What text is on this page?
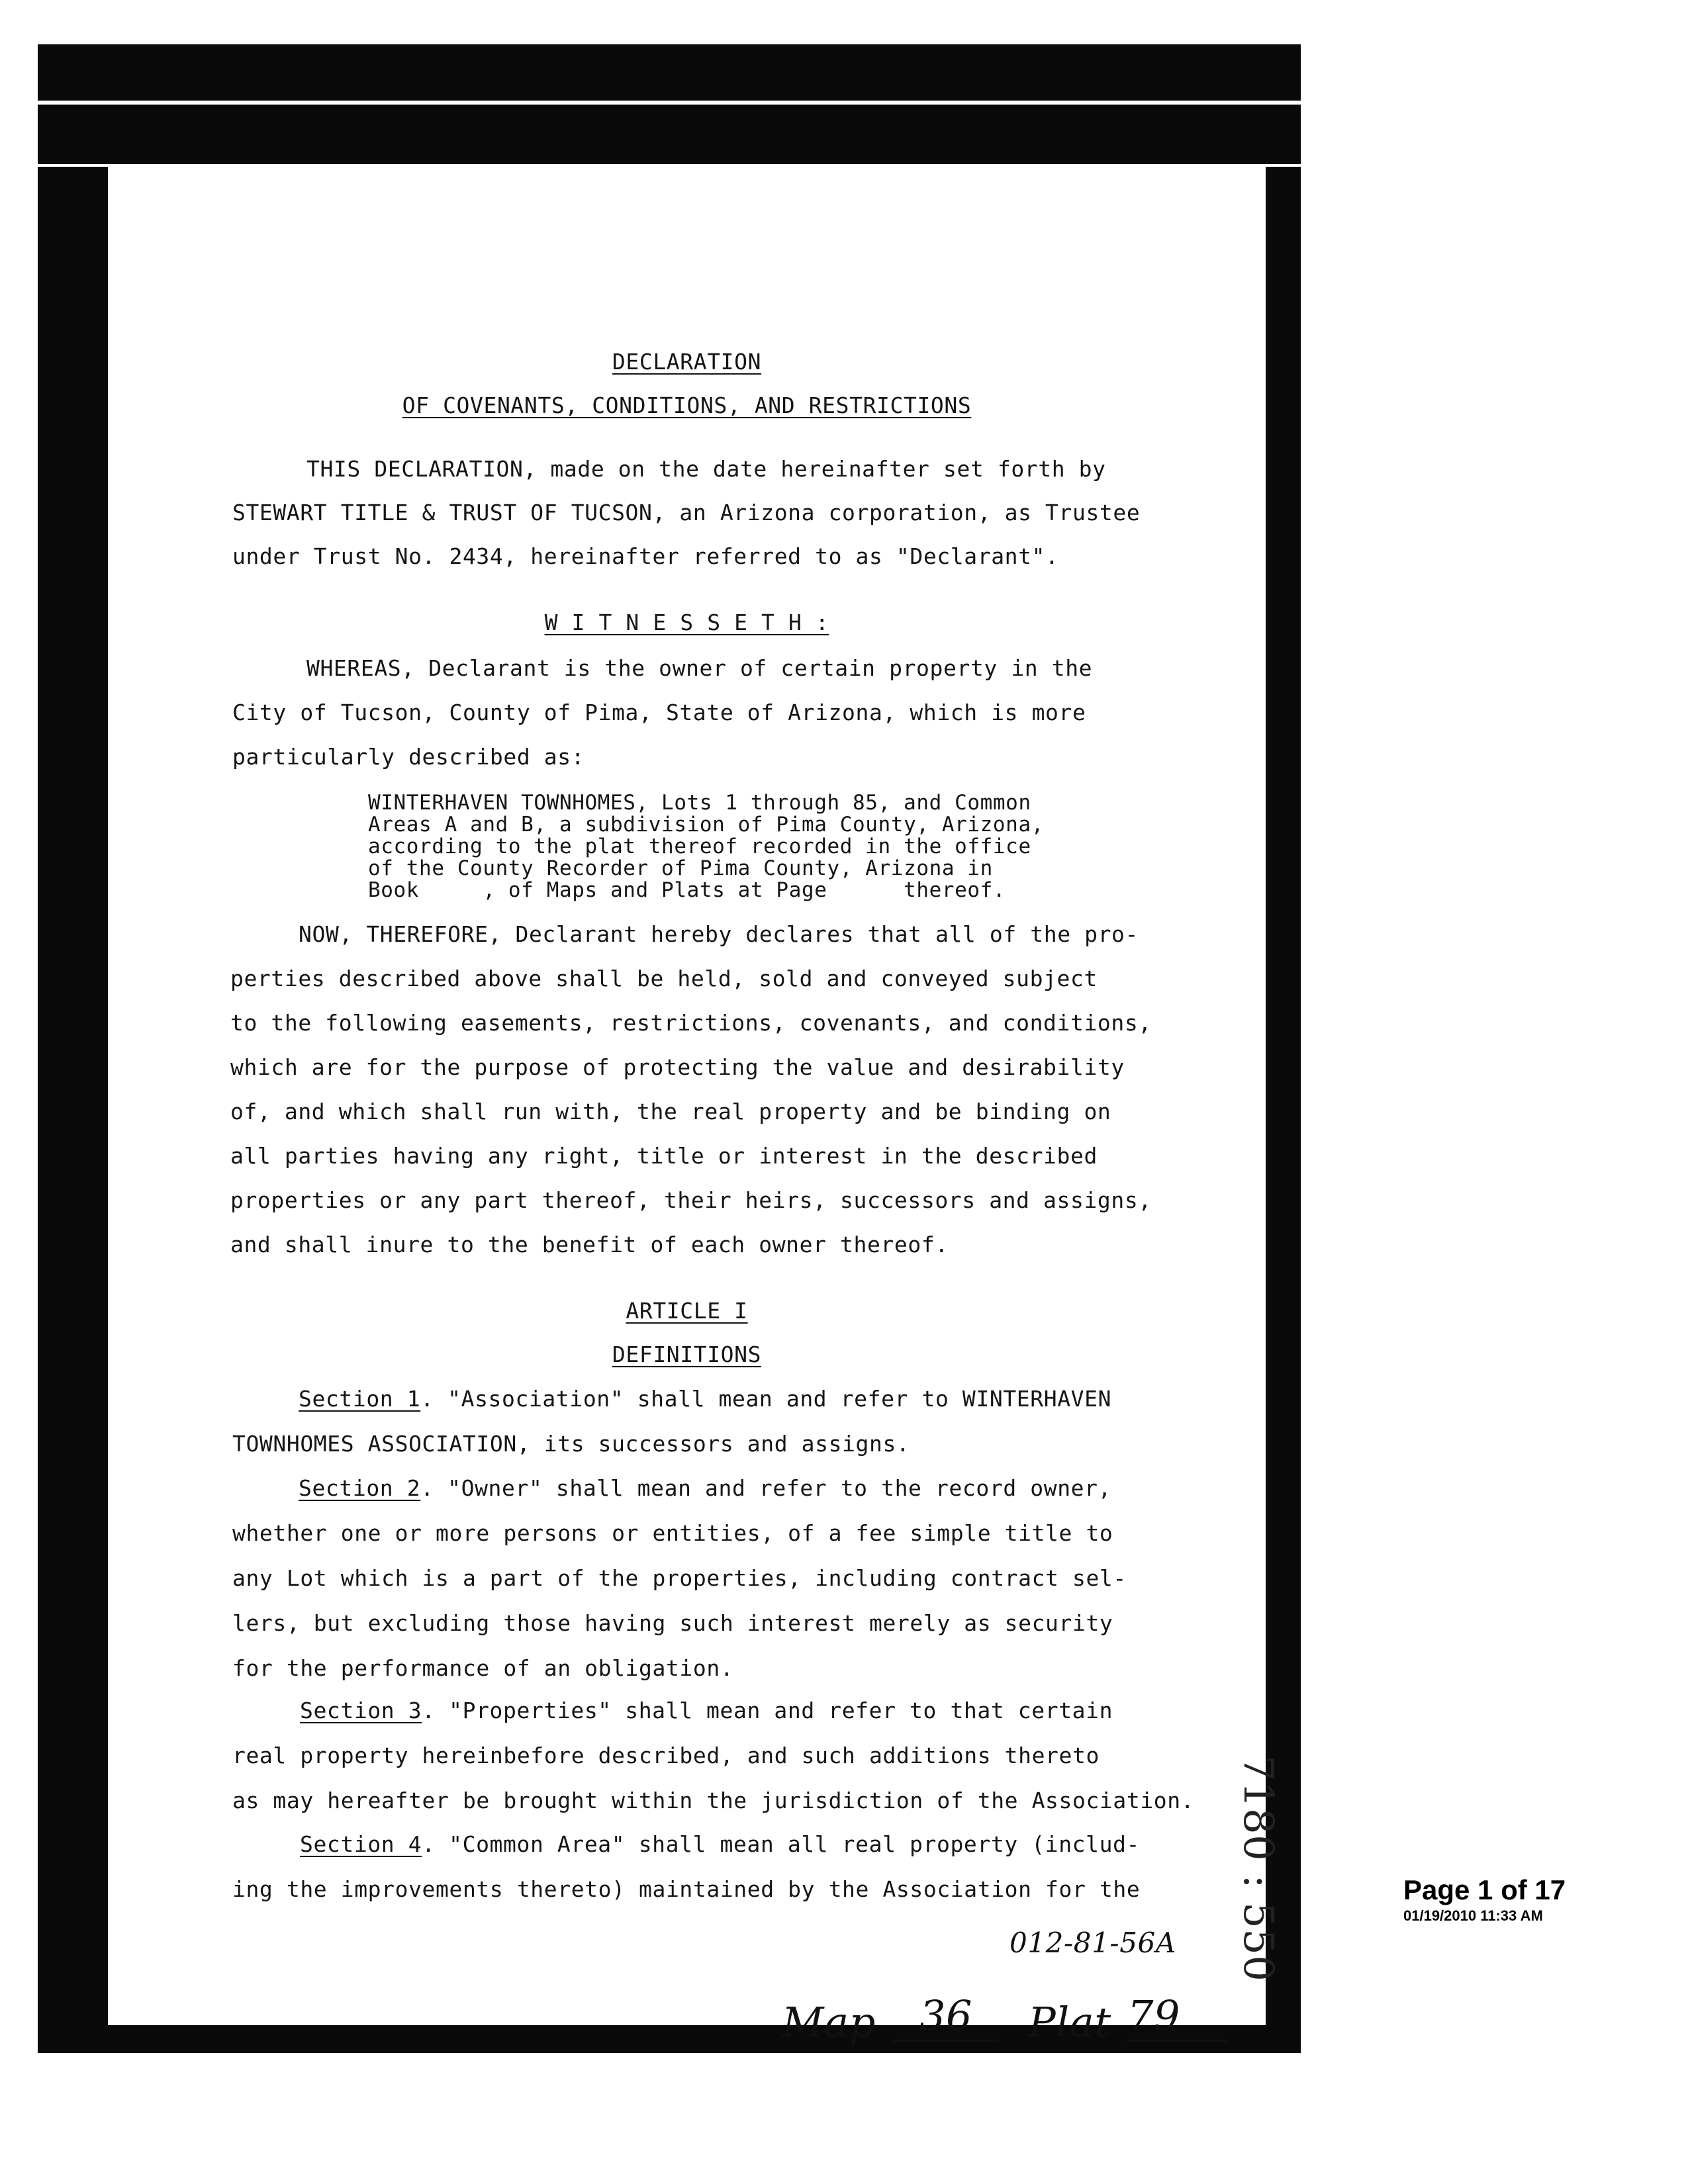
DECLARATION
OF COVENANTS, CONDITIONS, AND RESTRICTIONS
THIS DECLARATION, made on the date hereinafter set forth by
STEWART TITLE & TRUST OF TUCSON, an Arizona corporation, as Trustee
under Trust No. 2434, hereinafter referred to as "Declarant".
W I T N E S S E T H :
WHEREAS, Declarant is the owner of certain property in the
City of Tucson, County of Pima, State of Arizona, which is more
particularly described as:
WINTERHAVEN TOWNHOMES, Lots 1 through 85, and Common
Areas A and B, a subdivision of Pima County, Arizona,
according to the plat thereof recorded in the office
of the County Recorder of Pima County, Arizona in
Book     , of Maps and Plats at Page      thereof.
NOW, THEREFORE, Declarant hereby declares that all of the pro-
perties described above shall be held, sold and conveyed subject
to the following easements, restrictions, covenants, and conditions,
which are for the purpose of protecting the value and desirability
of, and which shall run with, the real property and be binding on
all parties having any right, title or interest in the described
properties or any part thereof, their heirs, successors and assigns,
and shall inure to the benefit of each owner thereof.
ARTICLE I
DEFINITIONS
Section 1. "Association" shall mean and refer to WINTERHAVEN
TOWNHOMES ASSOCIATION, its successors and assigns.
Section 2. "Owner" shall mean and refer to the record owner,
whether one or more persons or entities, of a fee simple title to
any Lot which is a part of the properties, including contract sel-
lers, but excluding those having such interest merely as security
for the performance of an obligation.
Section 3. "Properties" shall mean and refer to that certain
real property hereinbefore described, and such additions thereto
as may hereafter be brought within the jurisdiction of the Association.
Section 4. "Common Area" shall mean all real property (includ-
ing the improvements thereto) maintained by the Association for the
012-81-56A
Map	36	Plat 79
7180 : 550	Page 1 of 17
01/19/2010 11:33 AM
